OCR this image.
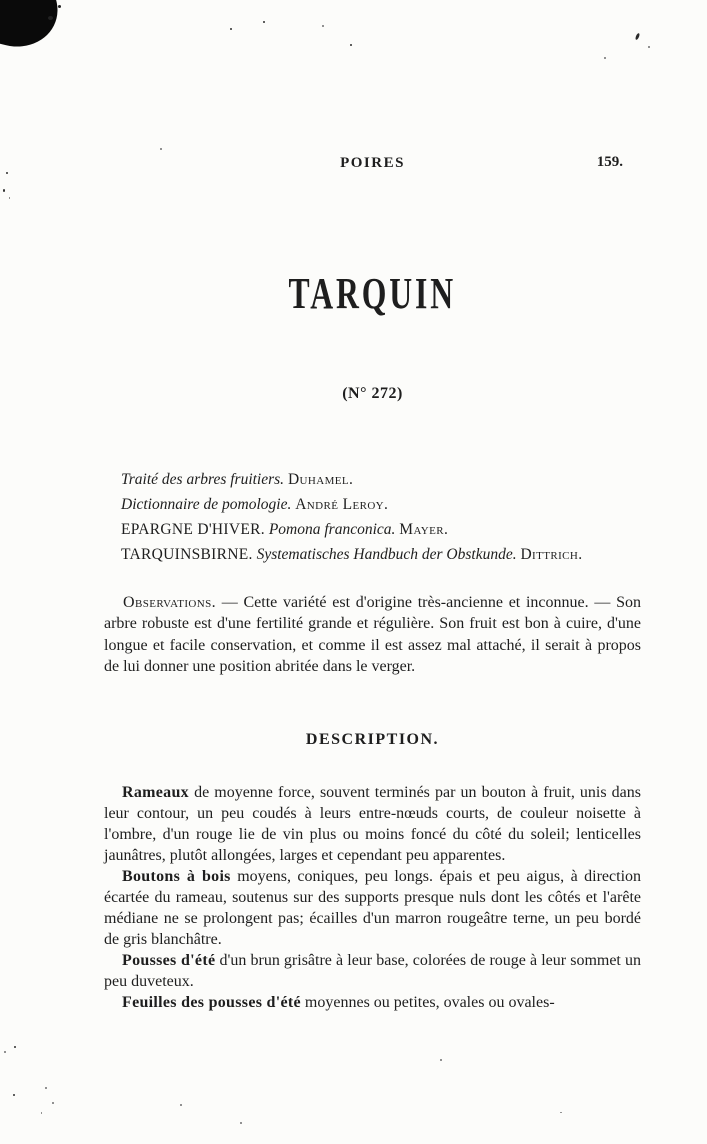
POIRES	159.
TARQUIN
(N° 272)
Traité des arbres fruitiers. Duhamel.
Dictionnaire de pomologie. André Leroy.
EPARGNE D'HIVER. Pomona franconica. Mayer.
TARQUINSBIRNE. Systematisches Handbuch der Obstkunde. Dittrich.

Observations. — Cette variété est d'origine très-ancienne et inconnue. — Son arbre robuste est d'une fertilité grande et régulière. Son fruit est bon à cuire, d'une longue et facile conservation, et comme il est assez mal attaché, il serait à propos de lui donner une position abritée dans le verger.

DESCRIPTION.

Rameaux de moyenne force, souvent terminés par un bouton à fruit, unis dans leur contour, un peu coudés à leurs entre-nœuds courts, de couleur noisette à l'ombre, d'un rouge lie de vin plus ou moins foncé du côté du soleil; lenticelles jaunâtres, plutôt allongées, larges et cependant peu apparentes.

Boutons à bois moyens, coniques, peu longs. épais et peu aigus, à direction écartée du rameau, soutenus sur des supports presque nuls dont les côtés et l'arête médiane ne se prolongent pas; écailles d'un marron rougeâtre terne, un peu bordé de gris blanchâtre.

Pousses d'été d'un brun grisâtre à leur base, colorées de rouge à leur sommet un peu duveteux.

Feuilles des pousses d'été moyennes ou petites, ovales ou ovales-
